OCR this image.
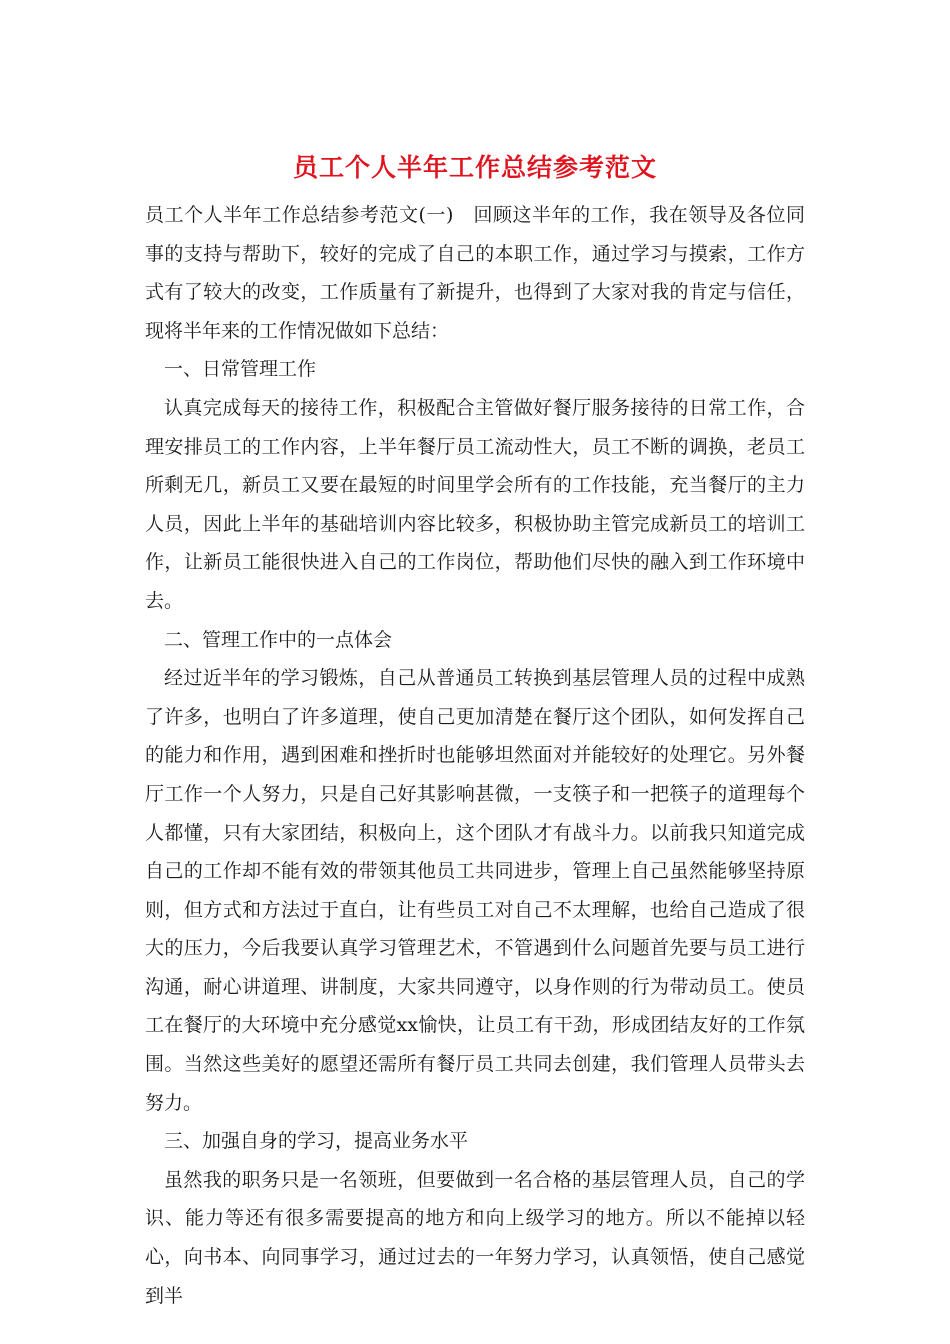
员工个人半年工作总结参考范文

员工个人半年工作总结参考范文(一)　回顾这半年的工作，我在领导及各位同事的支持与帮助下，较好的完成了自己的本职工作，通过学习与摸索，工作方式有了较大的改变，工作质量有了新提升，也得到了大家对我的肯定与信任，现将半年来的工作情况做如下总结：

一、日常管理工作

认真完成每天的接待工作，积极配合主管做好餐厅服务接待的日常工作，合理安排员工的工作内容，上半年餐厅员工流动性大，员工不断的调换，老员工所剩无几，新员工又要在最短的时间里学会所有的工作技能，充当餐厅的主力人员，因此上半年的基础培训内容比较多，积极协助主管完成新员工的培训工作，让新员工能很快进入自己的工作岗位，帮助他们尽快的融入到工作环境中去。

二、管理工作中的一点体会

经过近半年的学习锻炼，自己从普通员工转换到基层管理人员的过程中成熟了许多，也明白了许多道理，使自己更加清楚在餐厅这个团队，如何发挥自己的能力和作用，遇到困难和挫折时也能够坦然面对并能较好的处理它。另外餐厅工作一个人努力，只是自己好其影响甚微，一支筷子和一把筷子的道理每个人都懂，只有大家团结，积极向上，这个团队才有战斗力。以前我只知道完成自己的工作却不能有效的带领其他员工共同进步，管理上自己虽然能够坚持原则，但方式和方法过于直白，让有些员工对自己不太理解，也给自己造成了很大的压力，今后我要认真学习管理艺术，不管遇到什么问题首先要与员工进行沟通，耐心讲道理、讲制度，大家共同遵守，以身作则的行为带动员工。使员工在餐厅的大环境中充分感觉xx愉快，让员工有干劲，形成团结友好的工作氛围。当然这些美好的愿望还需所有餐厅员工共同去创建，我们管理人员带头去努力。

三、加强自身的学习，提高业务水平

虽然我的职务只是一名领班，但要做到一名合格的基层管理人员，自己的学识、能力等还有很多需要提高的地方和向上级学习的地方。所以不能掉以轻心，向书本、向同事学习，通过过去的一年努力学习，认真领悟，使自己感觉到半
